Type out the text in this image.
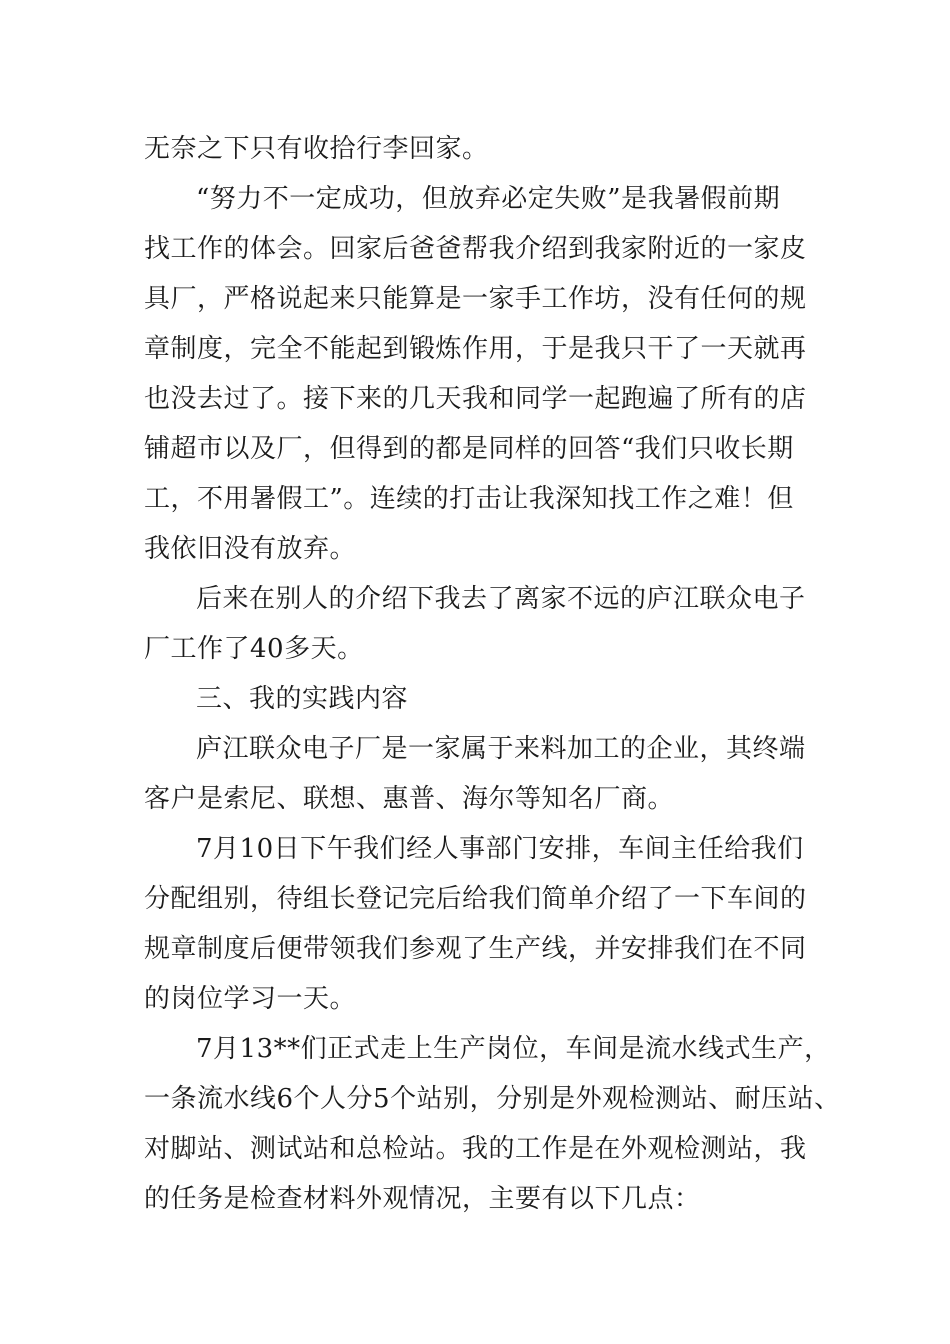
无奈之下只有收拾行李回家。
“努力不一定成功，但放弃必定失败”是我暑假前期
找工作的体会。回家后爸爸帮我介绍到我家附近的一家皮
具厂，严格说起来只能算是一家手工作坊，没有任何的规
章制度，完全不能起到锻炼作用，于是我只干了一天就再
也没去过了。接下来的几天我和同学一起跑遍了所有的店
铺超市以及厂，但得到的都是同样的回答“我们只收长期
工，不用暑假工”。连续的打击让我深知找工作之难！但
我依旧没有放弃。
后来在别人的介绍下我去了离家不远的庐江联众电子
厂工作了40多天。
三、我的实践内容
庐江联众电子厂是一家属于来料加工的企业，其终端
客户是索尼、联想、惠普、海尔等知名厂商。
7月10日下午我们经人事部门安排，车间主任给我们
分配组别，待组长登记完后给我们简单介绍了一下车间的
规章制度后便带领我们参观了生产线，并安排我们在不同
的岗位学习一天。
7月13**们正式走上生产岗位，车间是流水线式生产，
一条流水线6个人分5个站别，分别是外观检测站、耐压站、
对脚站、测试站和总检站。我的工作是在外观检测站，我
的任务是检查材料外观情况，主要有以下几点：
